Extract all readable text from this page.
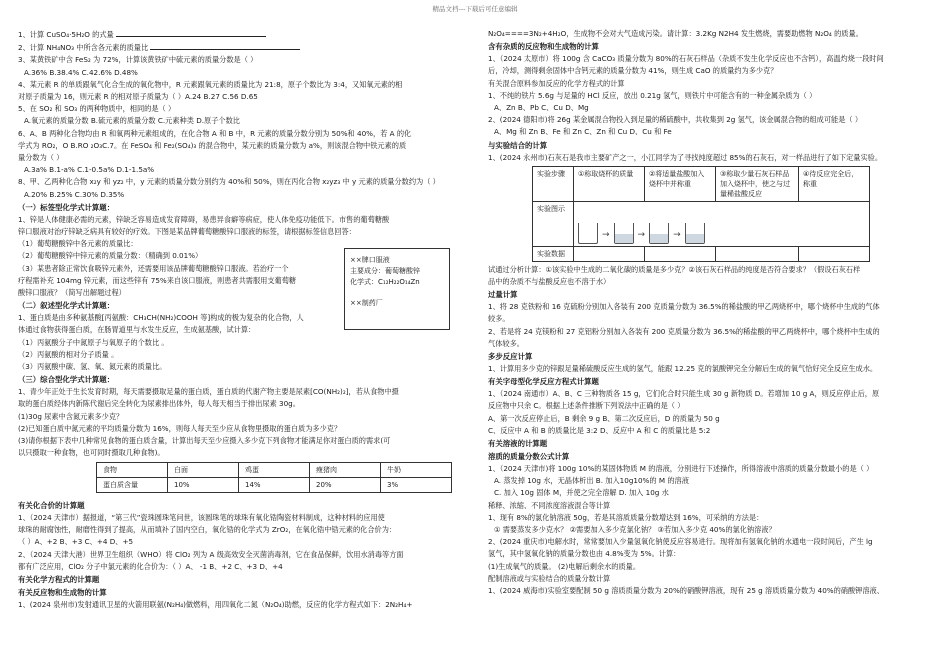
精品文档---下载后可任意编辑

1、计算 CuSO₄·5H₂O 的式量

2、计算 NH₄NO₃ 中所含各元素的质量比

3、某黄铁矿中含 FeS₂ 为 72%，计算该黄铁矿中硫元素的质量分数是（ ）

A.36% B.38.4% C.42.6% D.48%

4、某元素 R 的单质跟氧气化合生成的氧化物中，R 元素跟氧元素的质量比为 21:8，原子个数比为 3:4，又知氧元素的相

对原子质量为 16，则元素 R 的相对原子质量为（ ）A.24 B.27 C.56 D.65

5、在 SO₂ 和 SO₃ 的两种物质中，相同的是（ ）

A.氧元素的质量分数 B.硫元素的质量分数 C.元素种类 D.原子个数比

6、A、B 两种化合物均由 R 和氧两种元素组成的，在化合物 A 和 B 中，R 元素的质量分数分别为 50%和 40%，若 A 的化

学式为 RO₂，O B.RO ₂O₃C.7。在 FeSO₄ 和 Fe₂(SO₄)₃ 的混合物中，某元素的质量分数为 a%，则该混合物中铁元素的质

量分数为（ ）

A.3a% B.1-a% C.1-0.5a% D.1-1.5a%

8、甲、乙两种化合物 x₂y 和 yz₂ 中，y 元素的质量分数分别约为 40%和 50%，则在丙化合物 x₂yz₃ 中 y 元素的质量分数约为（ ）

A.20% B.25% C.30% D.35%

（一）标签型化学式计算题：

1、锌是人体健康必需的元素，锌缺乏容易造成发育障碍，易患异食癖等病症，使人体免疫功能低下。市售的葡萄糖酸

锌口服液对治疗锌缺乏病具有较好的疗效。下图是某品牌葡萄糖酸锌口服液的标签，请根据标签信息回答：

（1）葡萄糖酸锌中各元素的质量比：

（2）葡萄糖酸锌中锌元素的质量分数：（精确到 0.01%）

（3）某患者除正常饮食吸锌元素外，还需要用该品牌葡萄糖酸锌口服液。若治疗一个

疗程需补充 104mg 锌元素，而这些锌有 75%来自该口服液，则患者共需服用支葡萄糖

酸锌口服液？（简写出解题过程）

（二）叙述型化学式计算题：

1、蛋白质是由多种氨基酸[丙氨酸：CH₃CH(NH₂)COOH 等]构成的极为复杂的化合物，人

体通过食物获得蛋白质，在肠胃道里与水发生反应，生成氨基酸，试计算：

（1）丙氨酸分子中氮原子与氧原子的个数比 。

（2）丙氨酸的相对分子质量 。

（3）丙氨酸中碳、氢、氧、氮元素的质量比。

（三）综合型化学式计算题：

1、青少年正处于生长发育时期，每天需要摄取足量的蛋白质，蛋白质的代谢产物主要是尿素[CO(NH₂)₂]，若从食物中摄

取的蛋白质经体内新陈代谢后完全转化为尿素排出体外，每人每天相当于排出尿素 30g。

(1)30g 尿素中含氮元素多少克？

(2)已知蛋白质中氮元素的平均质量分数为 16%，则每人每天至少应从食物里摄取的蛋白质为多少克？

(3)请你根据下表中几种常见食物的蛋白质含量，计算出每天至少应摄入多少克下列食物才能满足你对蛋白质的需求(可

以只摄取一种食物，也可同时摄取几种食物)。

食物	白面	鸡蛋	瘦猪肉	牛奶
蛋白质含量	10%	14%	20%	3%
有关化合价的计算题

1、（2024 天津市）据报道，“第三代”瓷珠圆珠笔问世，该圆珠笔的球珠有氧化锆陶瓷材料制成，这种材料的应用使

球珠的耐腐蚀性，耐磨性得到了提高，从而填补了国内空白，氧化锆的化学式为 ZrO₂，在氧化锆中锆元素的化合价为：

（ ）A、+2 B、+3 C、+4 D、+5

2、（2024 天津大港）世界卫生组织（WHO）将 ClO₂ 列为 A 级高效安全灭菌消毒剂，它在食品保鲜，饮用水消毒等方面

都有广泛应用，ClO₂ 分子中氯元素的化合价为：（ ）A、 -1 B、+2 C、+3 D、+4

有关化学方程式的计算题
有关反应物和生成物的计算

1、(2024 泉州市)发射通讯卫星的火箭用联氨(N₂H₄)做燃料，用四氧化二氮（N₂O₄)助燃，反应的化学方程式如下：2N₂H₄+

××牌口服液

主要成分：葡萄糖酸锌

化学式：C₁₂H₂₂O₁₄Zn

××制药厂

N₂O₄====3N₂+4H₂O，生成物不会对大气造成污染。请计算：3.2Kg N2H4 发生燃烧，需要助燃物 N₂O₄ 的质量。

含有杂质的反应物和生成物的计算

1、（2024 太原市）将 100g 含 CaCO₃ 质量分数为 80%的石灰石样品（杂质不发生化学反应也不含钙），高温灼烧一段时间

后，冷却，测得剩余固体中含钙元素的质量分数为 41%，则生成 CaO 的质量约为多少克？

有关混合原料参加反应的化学方程式的计算

1、不纯的铁片 5.6g 与足量的 HCl 反应，放出 0.21g 氢气，则铁片中可能含有的一种金属杂质为（ ）

A、Zn B、Pb C、Cu D、Mg

2、(2024 德阳市)将 26g 某金属混合物投入到足量的稀硫酸中，共收集到 2g 氢气，该金属混合物的组成可能是（ ）

A、Mg 和 Zn B、Fe 和 Zn C、Zn 和 Cu D、Cu 和 Fe

与实验结合的计算

1、(2024 永州市)石灰石是我市主要矿产之一，小江同学为了寻找纯度超过 85%的石灰石，对一样品进行了如下定量实验。

实验步骤	①称取烧杯的质量	②将适量盐酸加入烧杯中并称重	③称取少量石灰石样品加入烧杯中，使之与过量稀盐酸反应	④待反应完全后，称重
实验图示	→ → →			

实验数据				

试通过分析计算：①该实验中生成的二氧化碳的质量是多少克？②该石灰石样品的纯度是否符合要求？（假设石灰石样

品中的杂质不与盐酸反应也不溶于水）

过量计算

1、将 28 克铁粉和 16 克硫粉分别加入各装有 200 克质量分数为 36.5%的稀盐酸的甲乙两烧杯中，哪个烧杯中生成的气体

较多。

2、若是将 24 克镁粉和 27 克铝粉分别加入各装有 200 克质量分数为 36.5%的稀盐酸的甲乙两烧杯中，哪个烧杯中生成的

气体较多。

多步反应计算

1、计算用多少克的锌跟足量稀硫酸反应生成的氢气，能跟 12.25 克的氯酸钾完全分解后生成的氧气恰好完全反应生成水。

有关字母型化学反应方程式计算题

1、（2024 南通市）A、B、C 三种物质各 15 g，它们化合时只能生成 30 g 新物质 D。若增加 10 g A，则反应停止后，原

反应物中只余 C。根据上述条件推断下列说法中正确的是（ ）

A、第一次反应停止后，B 剩余 9 g B、第二次反应后，D 的质量为 50 g

C、反应中 A 和 B 的质量比是 3:2 D、反应中 A 和 C 的质量比是 5:2

有关溶液的计算题
溶质的质量分数公式计算

1、（2024 天津市)将 100g 10%的某固体物质 M 的溶液，分别进行下述操作，所得溶液中溶质的质量分数最小的是（ ）

A. 蒸发掉 10g 水，无晶体析出 B. 加入10g10%的 M 的溶液

C. 加入 10g 固体 M，并使之完全溶解 D. 加入 10g 水

稀释、浓缩、不同浓度溶液混合等计算

1、现有 8%的氯化钠溶液 50g，若是其溶质质量分数增达到 16%，可采纳的方法是：

① 需要蒸发多少克水？ ②需要加入多少克氯化钠？ ③若加入多少克 40%的氯化钠溶液？

2、(2024 重庆市)电解水时，常常要加入少量氢氧化钠使反应容易进行。现将加有氢氧化钠的水通电一段时间后，产生 lg

氢气，其中氢氧化钠的质量分数也由 4.8%变为 5%。计算：

(1)生成氧气的质量。 (2)电解后剩余水的质量。

配制溶液或与实验结合的质量分数计算

1、(2024 威海市)实验室要配制 50 g 溶质质量分数为 20%的硝酸钾溶液，现有 25 g 溶质质量分数为 40%的硝酸钾溶液、
